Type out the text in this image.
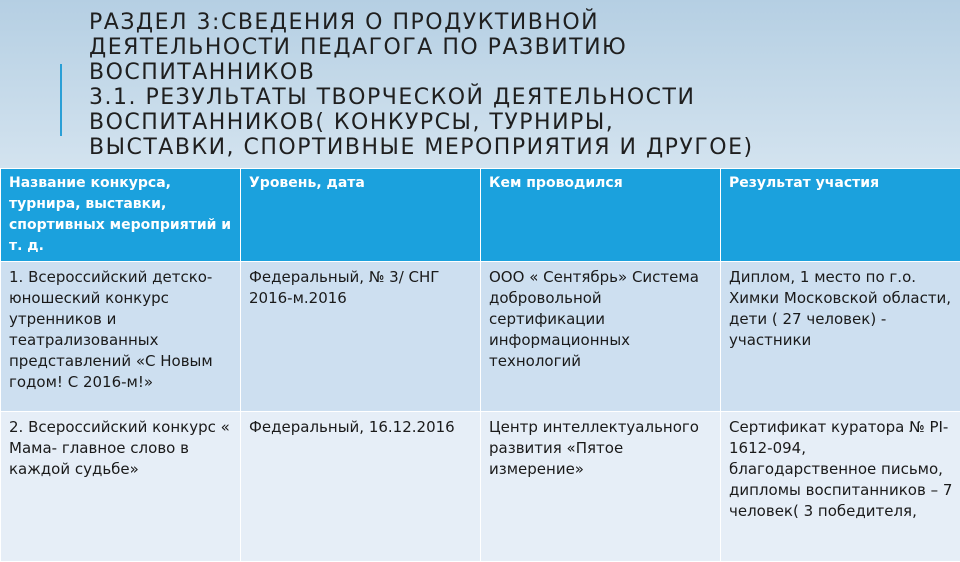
РАЗДЕЛ 3:СВЕДЕНИЯ О ПРОДУКТИВНОЙ
ДЕЯТЕЛЬНОСТИ ПЕДАГОГА ПО РАЗВИТИЮ
ВОСПИТАННИКОВ
3.1. РЕЗУЛЬТАТЫ ТВОРЧЕСКОЙ ДЕЯТЕЛЬНОСТИ
ВОСПИТАННИКОВ( КОНКУРСЫ, ТУРНИРЫ,
ВЫСТАВКИ, СПОРТИВНЫЕ МЕРОПРИЯТИЯ И ДРУГОЕ)
Название конкурса, турнира, выставки, спортивных мероприятий и т. д.	Уровень, дата	Кем проводился	Результат участия
1. Всероссийский детско-юношеский конкурс утренников и театрализованных представлений «С Новым годом! С 2016-м!»	Федеральный, № 3/ СНГ 2016-м.2016	ООО « Сентябрь» Система добровольной сертификации информационных технологий	Диплом, 1 место по г.о. Химки Московской области, дети ( 27 человек) - участники
2. Всероссийский конкурс « Мама- главное слово в каждой судьбе»	Федеральный, 16.12.2016	Центр интеллектуального развития «Пятое измерение»	Сертификат куратора № PI-1612-094, благодарственное письмо, дипломы воспитанников – 7 человек( 3 победителя,
